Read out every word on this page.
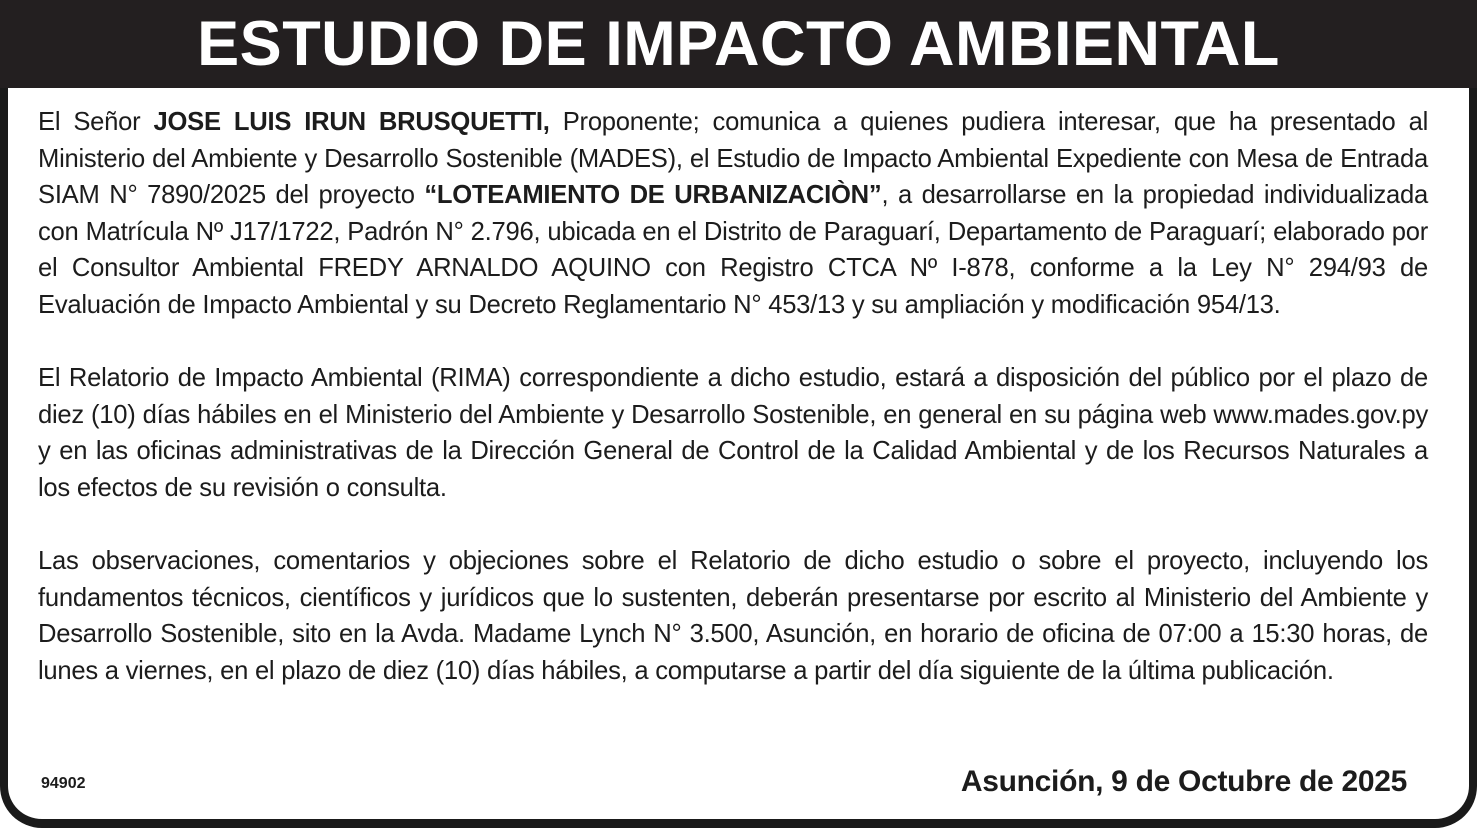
ESTUDIO DE IMPACTO AMBIENTAL

El Señor JOSE LUIS IRUN BRUSQUETTI, Proponente; comunica a quienes pudiera interesar, que ha presentado al Ministerio del Ambiente y Desarrollo Sostenible (MADES), el Estudio de Impacto Ambiental Expediente con Mesa de Entrada SIAM N° 7890/2025 del proyecto “LOTEAMIENTO DE URBANIZACIÒN”, a desarrollarse en la propiedad individualizada con Matrícula Nº J17/1722, Padrón N° 2.796, ubicada en el Distrito de Paraguarí, Departamento de Paraguarí; elaborado por el Consultor Ambiental FREDY ARNALDO AQUINO con Registro CTCA Nº I-878, conforme a la Ley N° 294/93 de Evaluación de Impacto Ambiental y su Decreto Reglamentario N° 453/13 y su ampliación y modificación 954/13.

El Relatorio de Impacto Ambiental (RIMA) correspondiente a dicho estudio, estará a disposición del público por el plazo de diez (10) días hábiles en el Ministerio del Ambiente y Desarrollo Sostenible, en general en su página web www.mades.gov.py y en las oficinas administrativas de la Dirección General de Control de la Calidad Ambiental y de los Recursos Naturales a los efectos de su revisión o consulta.

Las observaciones, comentarios y objeciones sobre el Relatorio de dicho estudio o sobre el proyecto, incluyendo los fundamentos técnicos, científicos y jurídicos que lo sustenten, deberán presentarse por escrito al Ministerio del Ambiente y Desarrollo Sostenible, sito en la Avda. Madame Lynch N° 3.500, Asunción, en horario de oficina de 07:00 a 15:30 horas, de lunes a viernes, en el plazo de diez (10) días hábiles, a computarse a partir del día siguiente de la última publicación.

94902	Asunción, 9 de Octubre de 2025
